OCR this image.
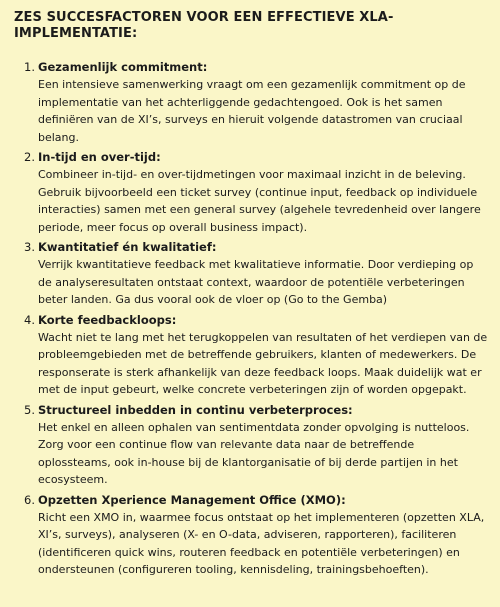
ZES SUCCESFACTOREN VOOR EEN EFFECTIEVE XLA-IMPLEMENTATIE:
1. Gezamenlijk commitment:
Een intensieve samenwerking vraagt om een gezamenlijk commitment op de implementatie van het achterliggende gedachtengoed. Ook is het samen definiëren van de XI’s, surveys en hieruit volgende datastromen van cruciaal belang.
2. In-tijd en over-tijd:
Combineer in-tijd- en over-tijdmetingen voor maximaal inzicht in de beleving. Gebruik bijvoorbeeld een ticket survey (continue input, feedback op individuele interacties) samen met een general survey (algehele tevredenheid over langere periode, meer focus op overall business impact).
3. Kwantitatief én kwalitatief:
Verrijk kwantitatieve feedback met kwalitatieve informatie. Door verdieping op de analyseresultaten ontstaat context, waardoor de potentiële verbeteringen beter landen. Ga dus vooral ook de vloer op (Go to the Gemba)
4. Korte feedbackloops:
Wacht niet te lang met het terugkoppelen van resultaten of het verdiepen van de probleemgebieden met de betreffende gebruikers, klanten of medewerkers. De responserate is sterk afhankelijk van deze feedback loops. Maak duidelijk wat er met de input gebeurt, welke concrete verbeteringen zijn of worden opgepakt.
5. Structureel inbedden in continu verbeterproces:
Het enkel en alleen ophalen van sentimentdata zonder opvolging is nutteloos. Zorg voor een continue flow van relevante data naar de betreffende oplossteams, ook in-house bij de klantorganisatie of bij derde partijen in het ecosysteem.
6. Opzetten Xperience Management Office (XMO):
Richt een XMO in, waarmee focus ontstaat op het implementeren (opzetten XLA, XI’s, surveys), analyseren (X- en O-data, adviseren, rapporteren), faciliteren (identificeren quick wins, routeren feedback en potentiële verbeteringen) en ondersteunen (configureren tooling, kennisdeling, trainingsbehoeften).
